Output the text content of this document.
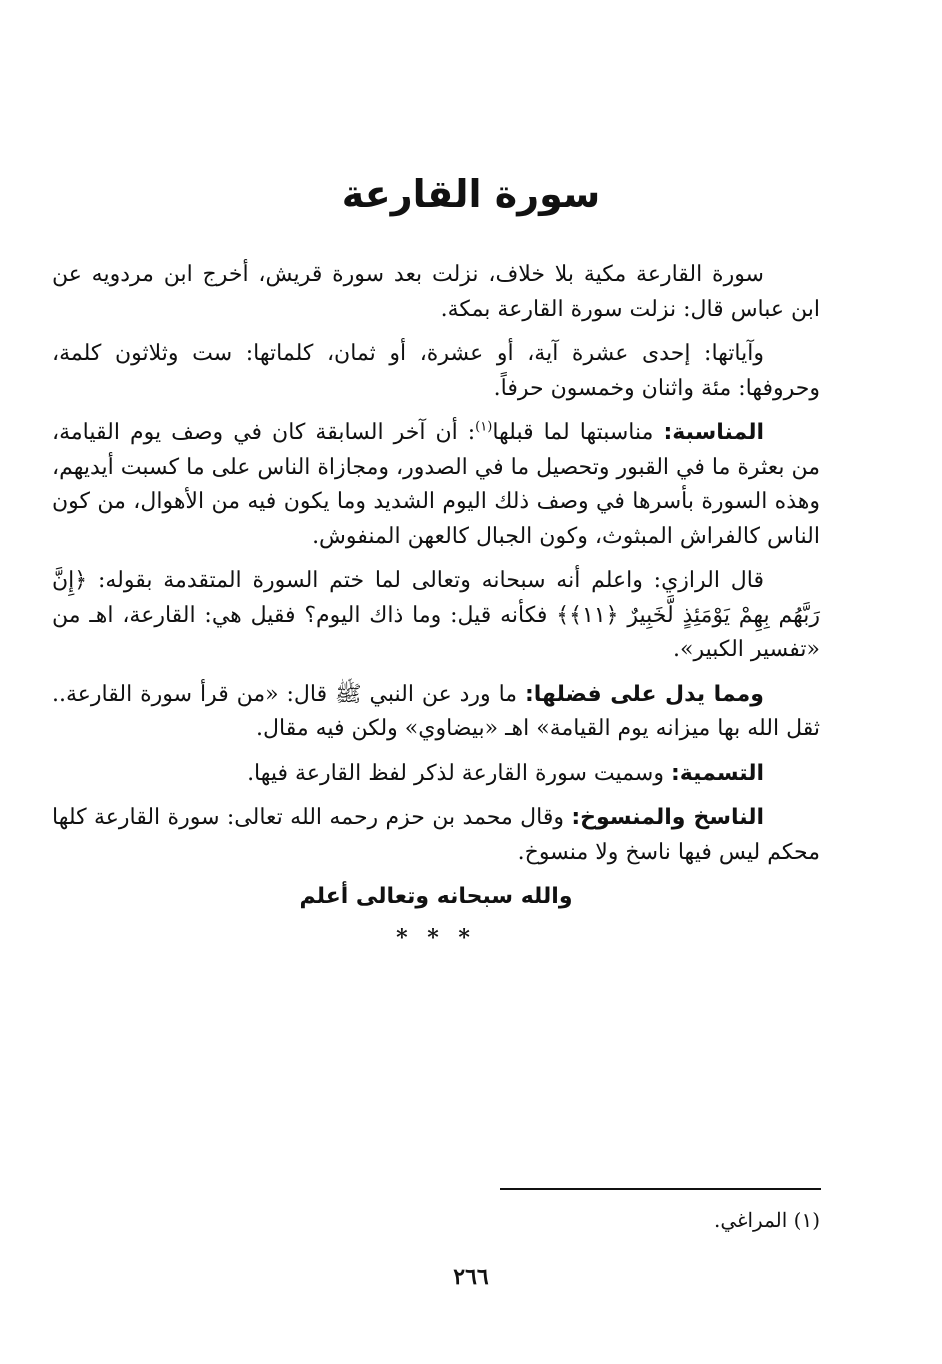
سورة القارعة

سورة القارعة مكية بلا خلاف، نزلت بعد سورة قريش، أخرج ابن مردويه عن ابن عباس قال: نزلت سورة القارعة بمكة.

وآياتها: إحدى عشرة آية، أو عشرة، أو ثمان، كلماتها: ست وثلاثون كلمة، وحروفها: مئة واثنان وخمسون حرفاً.

المناسبة: مناسبتها لما قبلها$^{(١)}$: أن آخر السابقة كان في وصف يوم القيامة، من بعثرة ما في القبور وتحصيل ما في الصدور، ومجازاة الناس على ما كسبت أيديهم، وهذه السورة بأسرها في وصف ذلك اليوم الشديد وما يكون فيه من الأهوال، من كون الناس كالفراش المبثوث، وكون الجبال كالعهن المنفوش.

قال الرازي: واعلم أنه سبحانه وتعالى لما ختم السورة المتقدمة بقوله: ﴿إِنَّ رَبَّهُم بِهِمْ يَوْمَئِذٍ لَّخَبِيرٌ ﴿١١﴾﴾ فكأنه قيل: وما ذاك اليوم؟ فقيل هي: القارعة، اهـ من «تفسير الكبير».

ومما يدل على فضلها: ما ورد عن النبي ﷺ قال: «من قرأ سورة القارعة.. ثقل الله بها ميزانه يوم القيامة» اهـ «بيضاوي» ولكن فيه مقال.

التسمية: وسميت سورة القارعة لذكر لفظ القارعة فيها.

الناسخ والمنسوخ: وقال محمد بن حزم رحمه الله تعالى: سورة القارعة كلها محكم ليس فيها ناسخ ولا منسوخ.

والله سبحانه وتعالى أعلم
* * *
(١) المراغي.
٢٦٦
